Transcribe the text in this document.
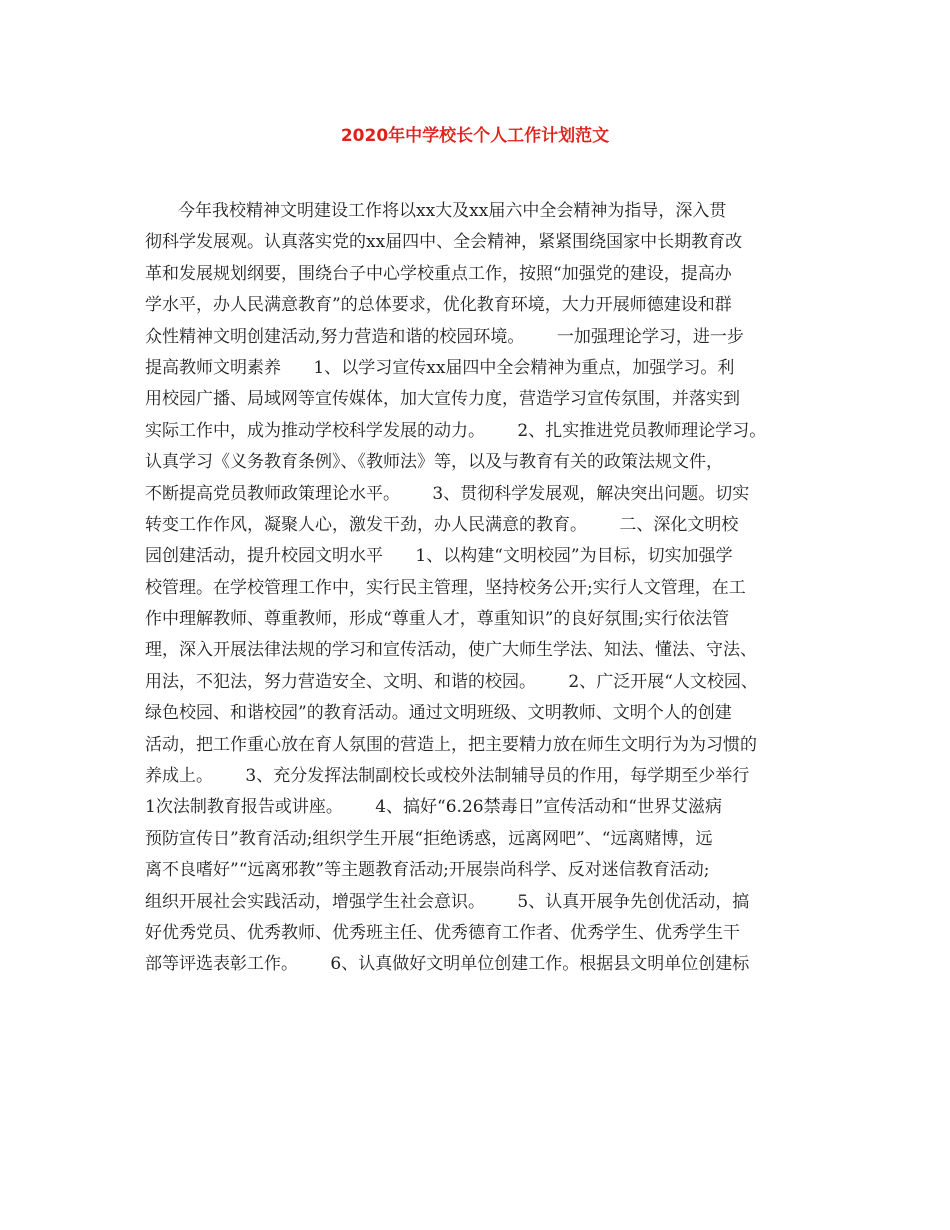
2020年中学校长个人工作计划范文
今年我校精神文明建设工作将以xx大及xx届六中全会精神为指导，深入贯
彻科学发展观。认真落实党的xx届四中、全会精神，紧紧围绕国家中长期教育改
革和发展规划纲要，围绕台子中心学校重点工作，按照“加强党的建设，提高办
学水平，办人民满意教育”的总体要求，优化教育环境，大力开展师德建设和群
众性精神文明创建活动,努力营造和谐的校园环境。      一加强理论学习，进一步
提高教师文明素养      1、以学习宣传xx届四中全会精神为重点，加强学习。利
用校园广播、局域网等宣传媒体，加大宣传力度，营造学习宣传氛围，并落实到
实际工作中，成为推动学校科学发展的动力。      2、扎实推进党员教师理论学习。
认真学习《义务教育条例》、《教师法》等，以及与教育有关的政策法规文件，
不断提高党员教师政策理论水平。      3、贯彻科学发展观，解决突出问题。切实
转变工作作风，凝聚人心，激发干劲，办人民满意的教育。      二、深化文明校
园创建活动，提升校园文明水平      1、以构建“文明校园”为目标，切实加强学
校管理。在学校管理工作中，实行民主管理，坚持校务公开;实行人文管理，在工
作中理解教师、尊重教师，形成“尊重人才，尊重知识”的良好氛围;实行依法管
理，深入开展法律法规的学习和宣传活动，使广大师生学法、知法、懂法、守法、
用法，不犯法，努力营造安全、文明、和谐的校园。      2、广泛开展“人文校园、
绿色校园、和谐校园”的教育活动。通过文明班级、文明教师、文明个人的创建
活动，把工作重心放在育人氛围的营造上，把主要精力放在师生文明行为为习惯的
养成上。      3、充分发挥法制副校长或校外法制辅导员的作用，每学期至少举行
1次法制教育报告或讲座。      4、搞好“6.26禁毒日”宣传活动和“世界艾滋病
预防宣传日”教育活动;组织学生开展“拒绝诱惑，远离网吧”、“远离赌博，远
离不良嗜好”“远离邪教”等主题教育活动;开展崇尚科学、反对迷信教育活动;
组织开展社会实践活动，增强学生社会意识。      5、认真开展争先创优活动，搞
好优秀党员、优秀教师、优秀班主任、优秀德育工作者、优秀学生、优秀学生干
部等评选表彰工作。      6、认真做好文明单位创建工作。根据县文明单位创建标
